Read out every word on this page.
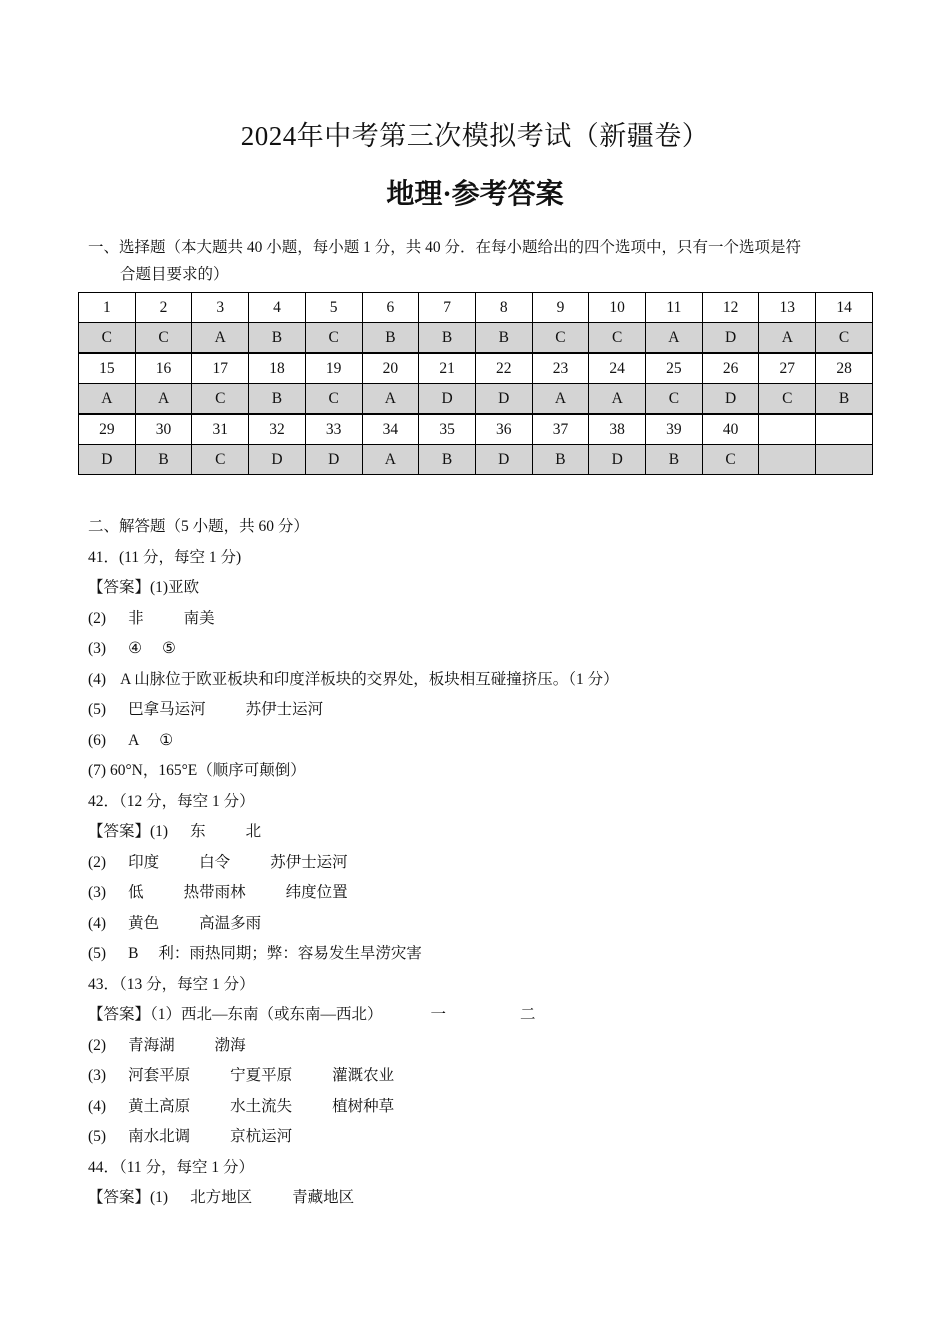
2024年中考第三次模拟考试（新疆卷）
地理·参考答案
一、选择题（本大题共 40 小题，每小题 1 分，共 40 分．在每小题给出的四个选项中，只有一个选项是符
合题目要求的）
1	2	3	4	5	6	7	8	9	10	11	12	13	14
C	C	A	B	C	B	B	B	C	C	A	D	A	C
15	16	17	18	19	20	21	22	23	24	25	26	27	28
A	A	C	B	C	A	D	D	A	A	C	D	C	B
29	30	31	32	33	34	35	36	37	38	39	40		
D	B	C	D	D	A	B	D	B	D	B	C		
二、解答题（5 小题，共 60 分）
41．(11 分，每空 1 分)
【答案】(1)亚欧
(2) 非	南美
(3) ④ ⑤
(4) A 山脉位于欧亚板块和印度洋板块的交界处，板块相互碰撞挤压。（1 分）
(5) 巴拿马运河	苏伊士运河
(6) A ①
(7) 60°N，165°E（顺序可颠倒）
42．（12 分，每空 1 分）
【答案】(1) 东	北
(2) 印度	白令	苏伊士运河
(3) 低	热带雨林	纬度位置
(4) 黄色	高温多雨
(5) B 利：雨热同期；弊：容易发生旱涝灾害
43．（13 分，每空 1 分）
【答案】（1）西北—东南（或东南—西北）	一	二
(2) 青海湖	渤海
(3) 河套平原	宁夏平原	灌溉农业
(4) 黄土高原	水土流失	植树种草
(5) 南水北调	京杭运河
44．（11 分，每空 1 分）
【答案】(1) 北方地区	青藏地区
